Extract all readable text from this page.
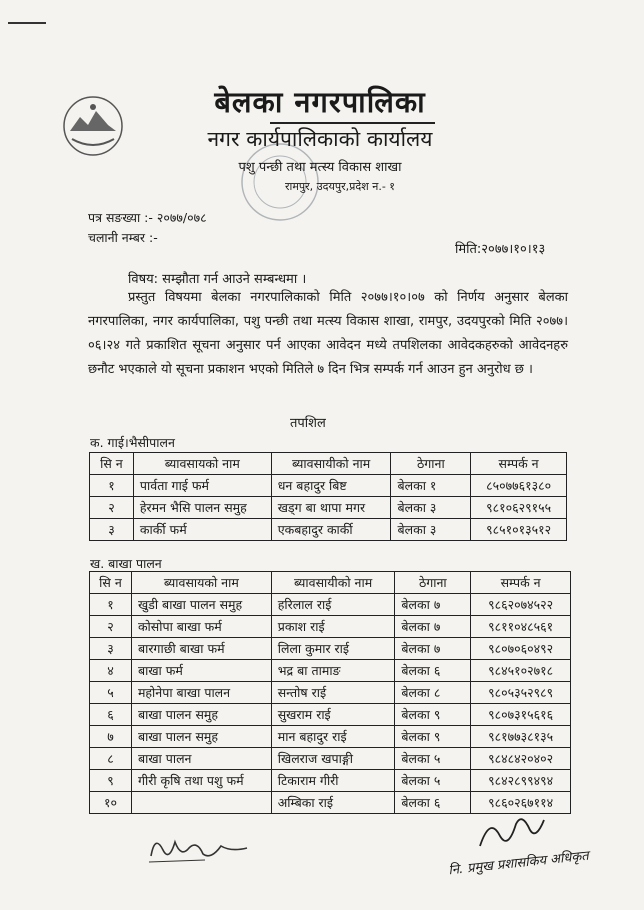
बेलका नगरपालिका
नगर कार्यपालिकाको कार्यालय
पशु पन्छी तथा मत्स्य विकास शाखा
रामपुर, उदयपुर,प्रदेश न.- १
पत्र सङख्या :- २०७७/०७८
चलानी नम्बर :-
मिति:२०७७।१०।१३
विषय: सम्झौता गर्न आउने सम्बन्धमा ।
प्रस्तुत विषयमा बेलका नगरपालिकाको मिति २०७७।१०।०७ को निर्णय अनुसार बेलका नगरपालिका, नगर कार्यपालिका, पशु पन्छी तथा मत्स्य विकास शाखा, रामपुर, उदयपुरको मिति २०७७।०६।२४ गते प्रकाशित सूचना अनुसार पर्न आएका आवेदन मध्ये तपशिलका आवेदकहरुको आवेदनहरु छनौट भएकाले यो सूचना प्रकाशन भएको मितिले ७ दिन भित्र सम्पर्क गर्न आउन हुन अनुरोध छ ।
तपशिल
क. गाई।भैसीपालन
सि न	ब्यावसायको नाम	ब्यावसायीको नाम	ठेगाना	सम्पर्क न
१	पार्वता गाई फर्म	धन बहादुर बिष्ट	बेलका १	८५०७७६१३८०
२	हेरमन भैसि पालन समुह	खड्ग बा थापा मगर	बेलका ३	९८१०६२९१५५
३	कार्की फर्म	एकबहादुर कार्की	बेलका ३	९८५१०१३५१२
ख. बाखा पालन
सि न	ब्यावसायको नाम	ब्यावसायीको नाम	ठेगाना	सम्पर्क न
१	खुडी बाखा पालन समुह	हरिलाल राई	बेलका ७	९८६२०७४५२२
२	कोसोपा बाखा फर्म	प्रकाश राई	बेलका ७	९८११०४८५६१
३	बारगाछी बाखा फर्म	लिला कुमार राई	बेलका ७	९८०७०६०४९२
४	बाखा फर्म	भद्र बा तामाङ	बेलका ६	९८४५१०२७१८
५	महोनेपा बाखा पालन	सन्तोष राई	बेलका ८	९८०५३५२९८९
६	बाखा पालन समुह	सुखराम राई	बेलका ९	९८०७३१५६१६
७	बाखा पालन समुह	मान बहादुर राई	बेलका ९	९८१७७३८१३५
८	बाखा पालन	खिलराज खपाङ्गी	बेलका ५	९८४८४२०४०२
९	गीरी कृषि तथा पशु फर्म	टिकाराम गीरी	बेलका ५	९८४२८९९४९४
१०		अम्बिका राई	बेलका ६	९८६०२६७११४
नि. प्रमुख प्रशासकिय अधिकृत
